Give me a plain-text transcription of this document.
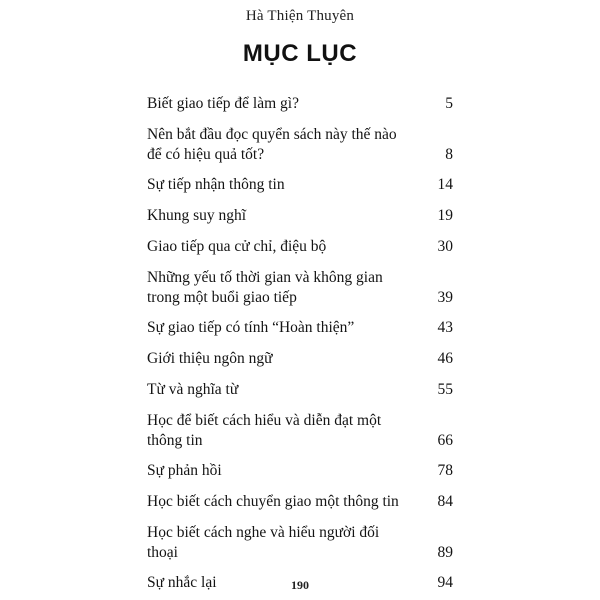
Hà Thiện Thuyên
MỤC LỤC
Biết giao tiếp để làm gì?	5
Nên bắt đầu đọc quyển sách này thế nào
để có hiệu quả tốt?	8
Sự tiếp nhận thông tin	14
Khung suy nghĩ	19
Giao tiếp qua cử chỉ, điệu bộ	30
Những yếu tố thời gian và không gian
trong một buổi giao tiếp	39
Sự giao tiếp có tính “Hoàn thiện”	43
Giới thiệu ngôn ngữ	46
Từ và nghĩa từ	55
Học để biết cách hiểu và diễn đạt một
thông tin	66
Sự phản hồi	78
Học biết cách chuyển giao một thông tin	84
Học biết cách nghe và hiểu người đối
thoại	89
Sự nhắc lại	94
190
